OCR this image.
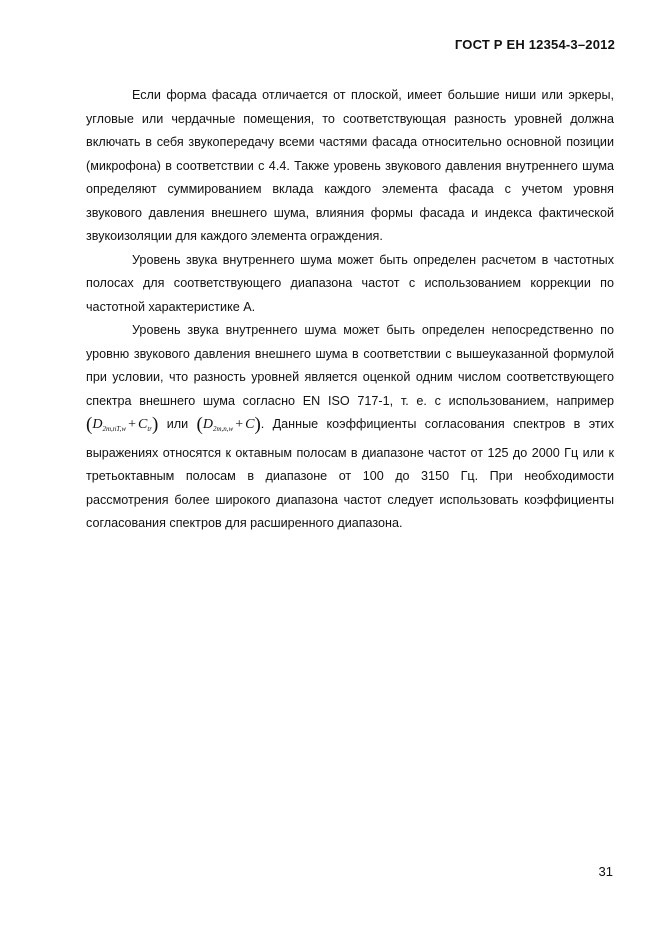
ГОСТ Р ЕН 12354-3–2012

Если форма фасада отличается от плоской, имеет большие ниши или эркеры, угловые или чердачные помещения, то соответствующая разность уровней должна включать в себя звукопередачу всеми частями фасада относительно основной позиции (микрофона) в соответствии с 4.4. Также уровень звукового давления внутреннего шума определяют суммированием вклада каждого элемента фасада с учетом уровня звукового давления внешнего шума, влияния формы фасада и индекса фактической звукоизоляции для каждого элемента ограждения.

Уровень звука внутреннего шума может быть определен расчетом в частотных полосах для соответствующего диапазона частот с использованием коррекции по частотной характеристике А.

Уровень звука внутреннего шума может быть определен непосредственно по уровню звукового давления внешнего шума в соответствии с вышеуказанной формулой при условии, что разность уровней является оценкой одним числом соответствующего спектра внешнего шума согласно EN ISO 717-1, т. е. с использованием, например $(D_{2m,nT,w} + C_{tr})$ или $(D_{2m,n,w} + C)$. Данные коэффициенты согласования спектров в этих выражениях относятся к октавным полосам в диапазоне частот от 125 до 2000 Гц или к третьоктавным полосам в диапазоне от 100 до 3150 Гц. При необходимости рассмотрения более широкого диапазона частот следует использовать коэффициенты согласования спектров для расширенного диапазона.

31
